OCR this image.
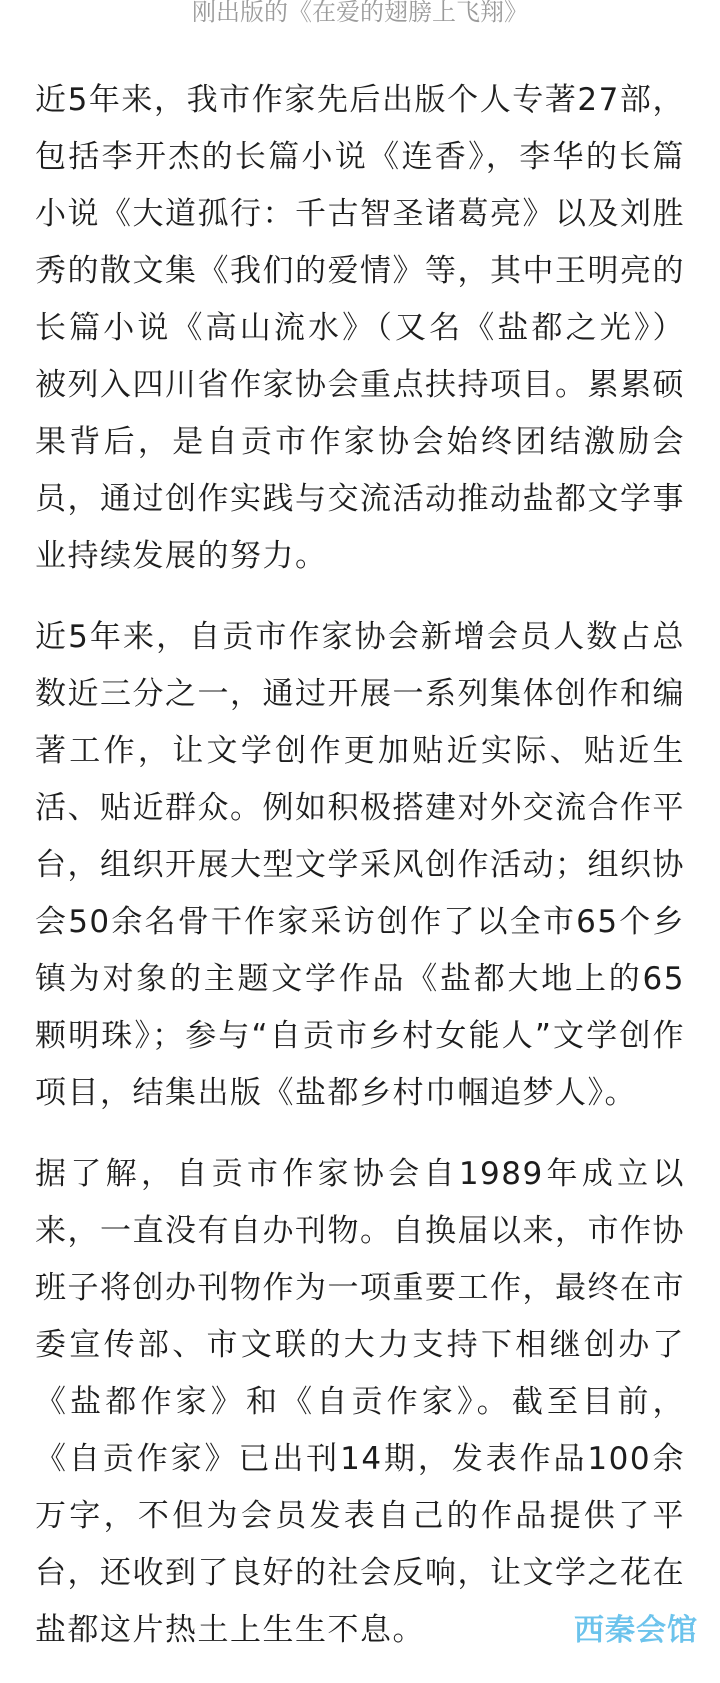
刚出版的《在爱的翅膀上飞翔》

近5年来，我市作家先后出版个人专著27部，包括李开杰的长篇小说《连香》，李华的长篇小说《大道孤行：千古智圣诸葛亮》以及刘胜秀的散文集《我们的爱情》等，其中王明亮的长篇小说《高山流水》（又名《盐都之光》）被列入四川省作家协会重点扶持项目。累累硕果背后，是自贡市作家协会始终团结激励会员，通过创作实践与交流活动推动盐都文学事业持续发展的努力。

近5年来，自贡市作家协会新增会员人数占总数近三分之一，通过开展一系列集体创作和编著工作，让文学创作更加贴近实际、贴近生活、贴近群众。例如积极搭建对外交流合作平台，组织开展大型文学采风创作活动；组织协会50余名骨干作家采访创作了以全市65个乡镇为对象的主题文学作品《盐都大地上的65颗明珠》；参与“自贡市乡村女能人”文学创作项目，结集出版《盐都乡村巾帼追梦人》。

据了解，自贡市作家协会自1989年成立以来，一直没有自办刊物。自换届以来，市作协班子将创办刊物作为一项重要工作，最终在市委宣传部、市文联的大力支持下相继创办了《盐都作家》和《自贡作家》。截至目前，《自贡作家》已出刊14期，发表作品100余万字，不但为会员发表自己的作品提供了平台，还收到了良好的社会反响，让文学之花在盐都这片热土上生生不息。	西秦会馆
